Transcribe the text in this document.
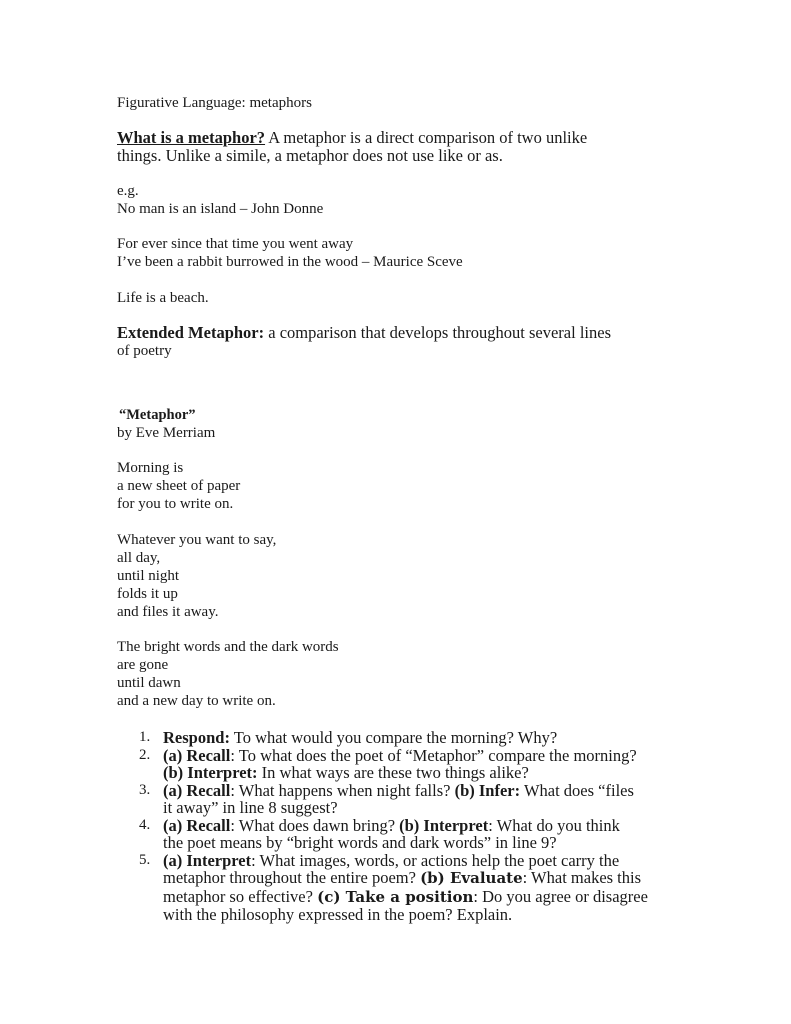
Figurative Language: metaphors

What is a metaphor? A metaphor is a direct comparison of two unlike

things. Unlike a simile, a metaphor does not use like or as.

e.g.

No man is an island – John Donne

For ever since that time you went away

I’ve been a rabbit burrowed in the wood – Maurice Sceve

Life is a beach.

Extended Metaphor: a comparison that develops throughout several lines

of poetry

“Metaphor”

by Eve Merriam

Morning is

a new sheet of paper

for you to write on.

Whatever you want to say,

all day,

until night

folds it up

and files it away.

The bright words and the dark words

are gone

until dawn

and a new day to write on.

1. Respond: To what would you compare the morning? Why?
2. (a) Recall: To what does the poet of “Metaphor” compare the morning?
(b) Interpret: In what ways are these two things alike?
3. (a) Recall: What happens when night falls? (b) Infer: What does “files
it away” in line 8 suggest?
4. (a) Recall: What does dawn bring? (b) Interpret: What do you think
the poet means by “bright words and dark words” in line 9?
5. (a) Interpret: What images, words, or actions help the poet carry the
metaphor throughout the entire poem? (b) Evaluate: What makes this
metaphor so effective? (c) Take a position: Do you agree or disagree
with the philosophy expressed in the poem? Explain.
